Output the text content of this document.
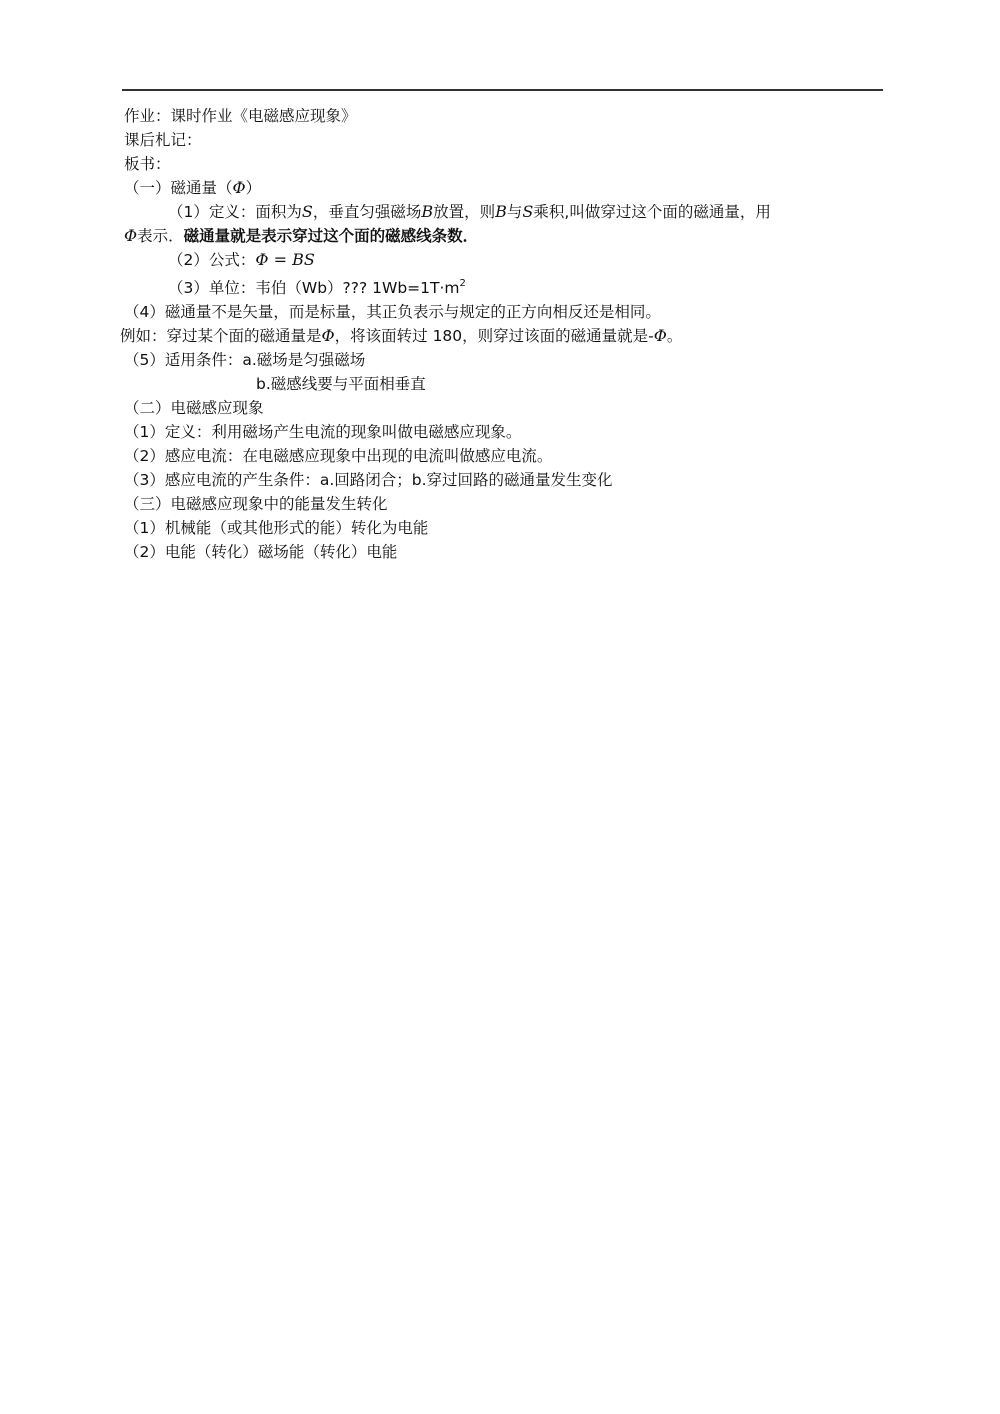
作业：课时作业《电磁感应现象》

课后札记：

板书：

（一）磁通量（Φ）

（1）定义：面积为S，垂直匀强磁场B放置，则B与S乘积,叫做穿过这个面的磁通量，用

Φ表示．磁通量就是表示穿过这个面的磁感线条数．

（2）公式：Φ = BS

（3）单位：韦伯（Wb）??? $1Wb=1T\cdot m^2$

（4）磁通量不是矢量，而是标量，其正负表示与规定的正方向相反还是相同。

例如：穿过某个面的磁通量是Φ，将该面转过 180，则穿过该面的磁通量就是-Φ。

（5）适用条件：a.磁场是匀强磁场

b.磁感线要与平面相垂直

（二）电磁感应现象

（1）定义：利用磁场产生电流的现象叫做电磁感应现象。

（2）感应电流：在电磁感应现象中出现的电流叫做感应电流。

（3）感应电流的产生条件：a.回路闭合；b.穿过回路的磁通量发生变化

（三）电磁感应现象中的能量发生转化

（1）机械能（或其他形式的能）转化为电能

（2）电能（转化）磁场能（转化）电能
